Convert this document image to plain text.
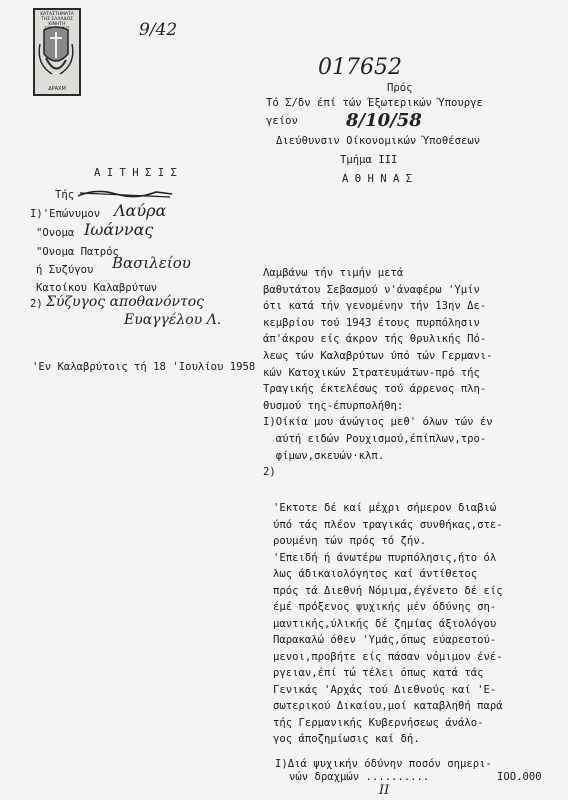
ΚΑΤΑΣΤΗΜΑΤΑ ΤΗΣ ΕΛΛΑΔΟΣ ΚΙΝΗΤΗ
ΔΡΑΧΜ
9/42
017652
Πρός
Τό Σ/δν έπί τών Έξωτερικών Ύπουργε
γείον	8/10/58
Διεύθυνσιν Οίκονομικών Ύποθέσεων
Τμήμα ΙΙΙ
Α Θ Η Ν Α Σ
Α Ι Τ Η Σ Ι Σ
Τής
Ι)'Επώνυμον Λαύρα
"Ονομα Ιωάννας
"Ονομα Πατρός
ή Συζύγου Βασιλείου
Κατοίκου Καλαβρύτων
2) Σύζυγος αποθανόντος
Ευαγγέλου Λ.
'Εν Καλαβρύτοις τή 18 'Ιουλίου 1958
Λαμβάνω τήν τιμήν μετά
βαθυτάτου Σεβασμού ν'άναφέρω 'Υμίν
ότι κατά τήν γενομένην τήν 13ην Δε-
κεμβρίου τού 1943 έτους πυρπόλησιν
άπ'άκρου είς άκρον τής θρυλικής Πό-
λεως τών Καλαβρύτων ύπό τών Γερμανι-
κών Κατοχικών Στρατευμάτων-πρό τής
Τραγικής έκτελέσως τού άρρενος πλη-
θυσμού της-έπυρπολήθη:
Ι)Οίκία μου άνώγιος μεθ' όλων τών έν
αύτή ειδών Ρουχισμού,έπίπλων,τρο-
φίμων,σκευών·κλπ.
2)
'Εκτοτε δέ καί μέχρι σήμερον διαβιώ
ύπό τάς πλέον τραγικάς συνθήκας,στε-
ρουμένη τών πρός τό ζήν.
'Επειδή ή άνωτέρω πυρπόλησις,ήτο όλ
λως άδικαιολόγητος καί άντίθετος
πρός τά Διεθνή Νόμιμα,έγένετο δέ είς
έμέ πρόξενος ψυχικής μέν όδύνης ση-
μαντικής,ύλικής δέ ζημίας άξιολόγου
Παρακαλώ όθεν 'Υμάς,όπως εύαρεστού-
μενοι,προβήτε είς πάσαν νόμιμον ένέ-
ργειαν,έπί τώ τέλει όπως κατά τάς
Γενικάς 'Αρχάς τού Διεθνούς καί 'Ε-
σωτερικού Δικαίου,μοί καταβληθή παρά
τής Γερμανικής Κυβερνήσεως άνάλο-
γος άποζημίωσις καί δή.
Ι)Διά ψυχικήν όδύνην ποσόν σημερι-
νών δραχμών ..........	ΙΟΟ.000
ΙΙ
